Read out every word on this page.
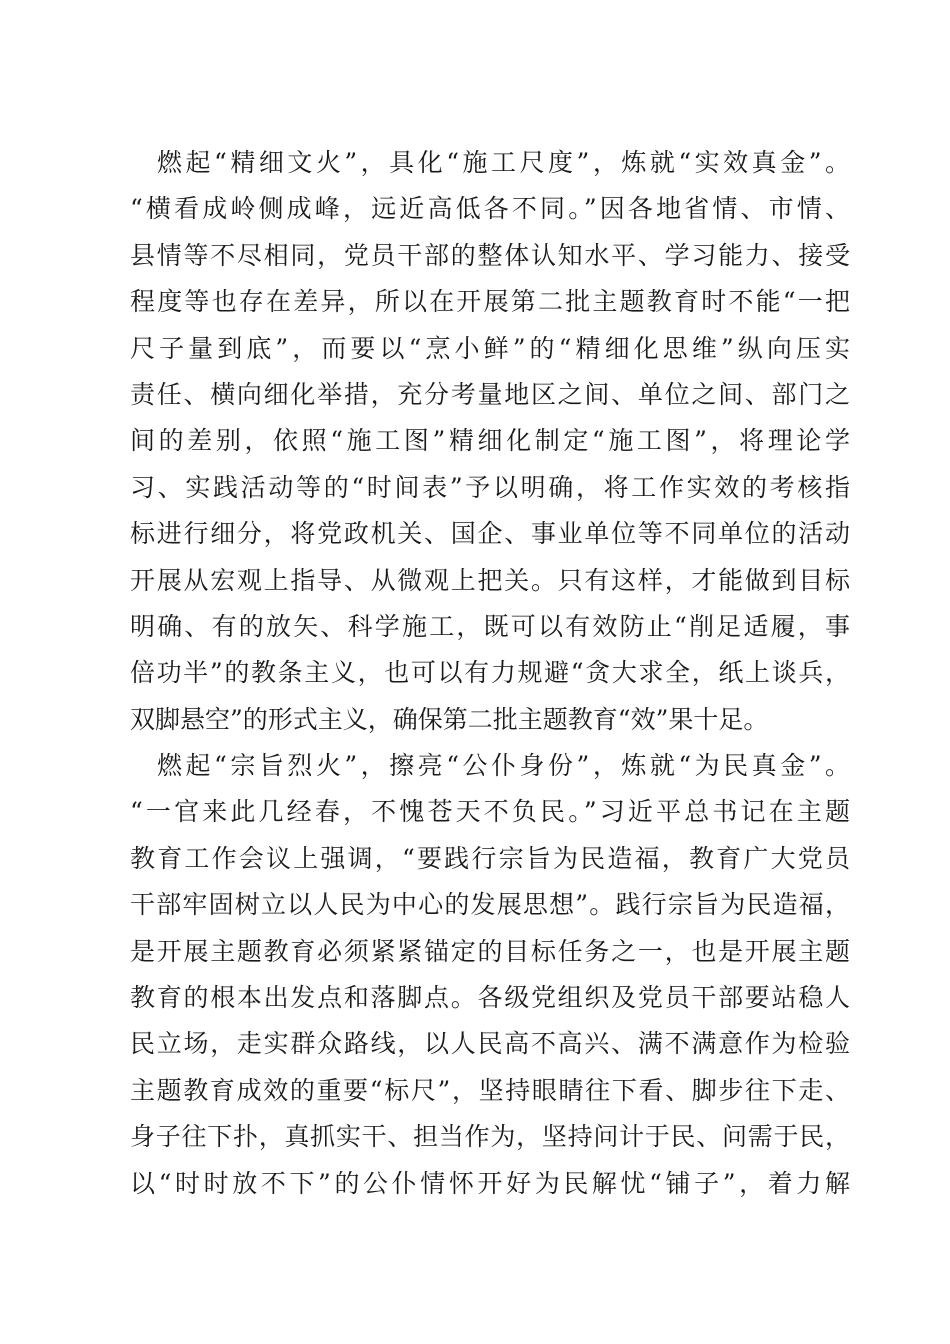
燃起“精细文火”，具化“施工尺度”，炼就“实效真金”。
“横看成岭侧成峰，远近高低各不同。”因各地省情、市情、
县情等不尽相同，党员干部的整体认知水平、学习能力、接受
程度等也存在差异，所以在开展第二批主题教育时不能“一把
尺子量到底”，而要以“烹小鲜”的“精细化思维”纵向压实
责任、横向细化举措，充分考量地区之间、单位之间、部门之
间的差别，依照“施工图”精细化制定“施工图”，将理论学
习、实践活动等的“时间表”予以明确，将工作实效的考核指
标进行细分，将党政机关、国企、事业单位等不同单位的活动
开展从宏观上指导、从微观上把关。只有这样，才能做到目标
明确、有的放矢、科学施工，既可以有效防止“削足适履，事
倍功半”的教条主义，也可以有力规避“贪大求全，纸上谈兵，
双脚悬空”的形式主义，确保第二批主题教育“效”果十足。
燃起“宗旨烈火”，擦亮“公仆身份”，炼就“为民真金”。
“一官来此几经春，不愧苍天不负民。”习近平总书记在主题
教育工作会议上强调，“要践行宗旨为民造福，教育广大党员
干部牢固树立以人民为中心的发展思想”。践行宗旨为民造福，
是开展主题教育必须紧紧锚定的目标任务之一，也是开展主题
教育的根本出发点和落脚点。各级党组织及党员干部要站稳人
民立场，走实群众路线，以人民高不高兴、满不满意作为检验
主题教育成效的重要“标尺”，坚持眼睛往下看、脚步往下走、
身子往下扑，真抓实干、担当作为，坚持问计于民、问需于民，
以“时时放不下”的公仆情怀开好为民解忧“铺子”，着力解
